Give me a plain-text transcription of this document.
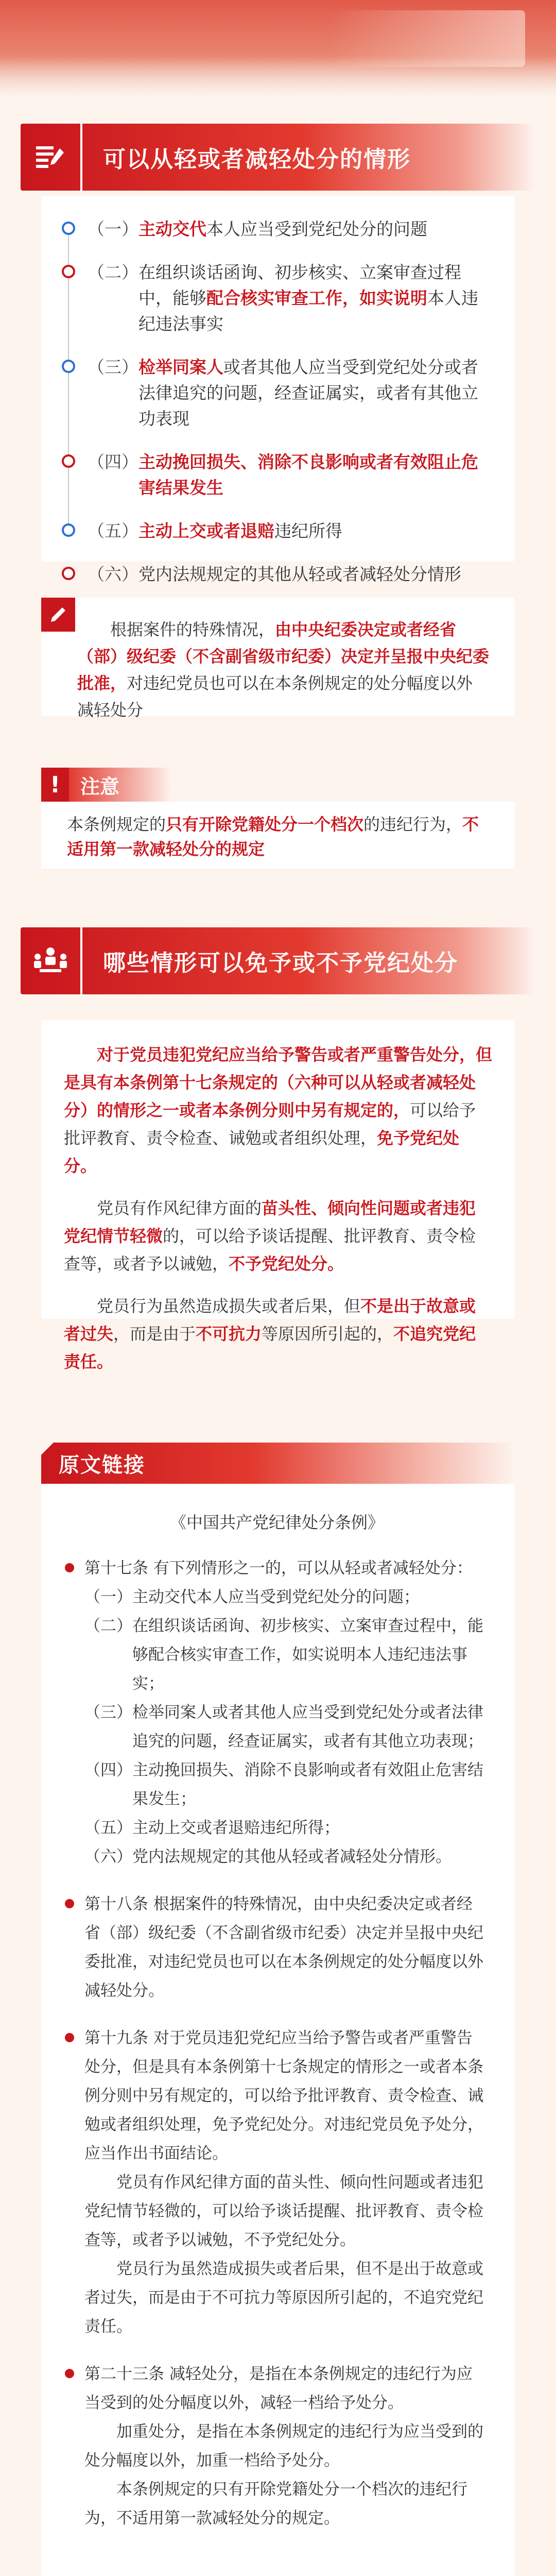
可以从轻或者减轻处分的情形
（一） 主动交代本人应当受到党纪处分的问题
（二） 在组织谈话函询、初步核实、立案审查过程中，能够配合核实审查工作，如实说明本人违纪违法事实
（三） 检举同案人或者其他人应当受到党纪处分或者法律追究的问题，经查证属实，或者有其他立功表现
（四） 主动挽回损失、消除不良影响或者有效阻止危害结果发生
（五） 主动上交或者退赔违纪所得
（六） 党内法规规定的其他从轻或者减轻处分情形

根据案件的特殊情况，由中央纪委决定或者经省（部）级纪委（不含副省级市纪委）决定并呈报中央纪委批准，对违纪党员也可以在本条例规定的处分幅度以外减轻处分

!	注意
本条例规定的只有开除党籍处分一个档次的违纪行为，不适用第一款减轻处分的规定
哪些情形可以免予或不予党纪处分

对于党员违犯党纪应当给予警告或者严重警告处分，但是具有本条例第十七条规定的（六种可以从轻或者减轻处分）的情形之一或者本条例分则中另有规定的，可以给予批评教育、责令检查、诫勉或者组织处理，免予党纪处分。

党员有作风纪律方面的苗头性、倾向性问题或者违犯党纪情节轻微的，可以给予谈话提醒、批评教育、责令检查等，或者予以诫勉，不予党纪处分。

党员行为虽然造成损失或者后果，但不是出于故意或者过失，而是由于不可抗力等原因所引起的，不追究党纪责任。

原文链接
《中国共产党纪律处分条例》
第十七条 有下列情形之一的，可以从轻或者减轻处分：
（一） 主动交代本人应当受到党纪处分的问题；
（二） 在组织谈话函询、初步核实、立案审查过程中，能够配合核实审查工作，如实说明本人违纪违法事实；
（三） 检举同案人或者其他人应当受到党纪处分或者法律追究的问题，经查证属实，或者有其他立功表现；
（四） 主动挽回损失、消除不良影响或者有效阻止危害结果发生；
（五） 主动上交或者退赔违纪所得；
（六） 党内法规规定的其他从轻或者减轻处分情形。
第十八条 根据案件的特殊情况，由中央纪委决定或者经省（部）级纪委（不含副省级市纪委）决定并呈报中央纪委批准，对违纪党员也可以在本条例规定的处分幅度以外减轻处分。
第十九条 对于党员违犯党纪应当给予警告或者严重警告处分，但是具有本条例第十七条规定的情形之一或者本条例分则中另有规定的，可以给予批评教育、责令检查、诫勉或者组织处理，免予党纪处分。对违纪党员免予处分，应当作出书面结论。
党员有作风纪律方面的苗头性、倾向性问题或者违犯党纪情节轻微的，可以给予谈话提醒、批评教育、责令检查等，或者予以诫勉，不予党纪处分。
党员行为虽然造成损失或者后果，但不是出于故意或者过失，而是由于不可抗力等原因所引起的，不追究党纪责任。
第二十三条 减轻处分，是指在本条例规定的违纪行为应当受到的处分幅度以外，减轻一档给予处分。
加重处分，是指在本条例规定的违纪行为应当受到的处分幅度以外，加重一档给予处分。
本条例规定的只有开除党籍处分一个档次的违纪行为，不适用第一款减轻处分的规定。
